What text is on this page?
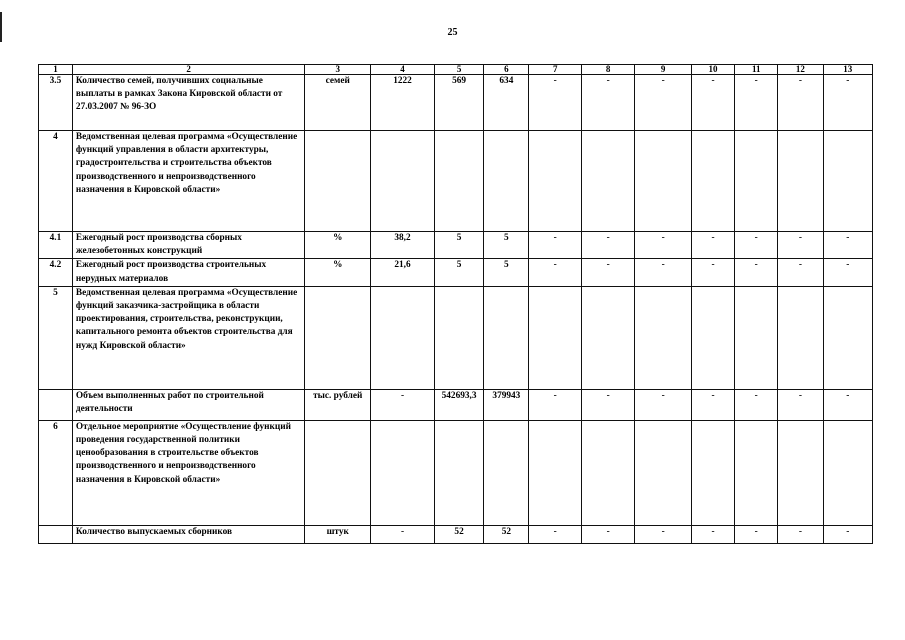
25
1	2	3	4	5	6	7	8	9	10	11	12	13
3.5	Количество семей, получивших социальные выплаты в рамках Закона Кировской области от 27.03.2007 № 96-ЗО	семей	1222	569	634	-	-	-	-	-	-	-
4	Ведомственная целевая программа «Осуществление функций управления в области архитектуры, градостроительства и строительства объектов производственного и непроизводственного назначения в Кировской области»											
4.1	Ежегодный рост производства сборных железобетонных конструкций	%	38,2	5	5	-	-	-	-	-	-	-
4.2	Ежегодный рост производства строительных нерудных материалов	%	21,6	5	5	-	-	-	-	-	-	-
5	Ведомственная целевая программа «Осуществление функций заказчика-застройщика в области проектирования, строительства, реконструкции, капитального ремонта объектов строительства для нужд Кировской области»											
	Объем выполненных работ по строительной деятельности	тыс. рублей	-	542693,3	379943	-	-	-	-	-	-	-
6	Отдельное мероприятие «Осуществление функций проведения государственной политики ценообразования в строительстве объектов производственного и непроизводственного назначения в Кировской области»											
	Количество выпускаемых сборников	штук	-	52	52	-	-	-	-	-	-	-
